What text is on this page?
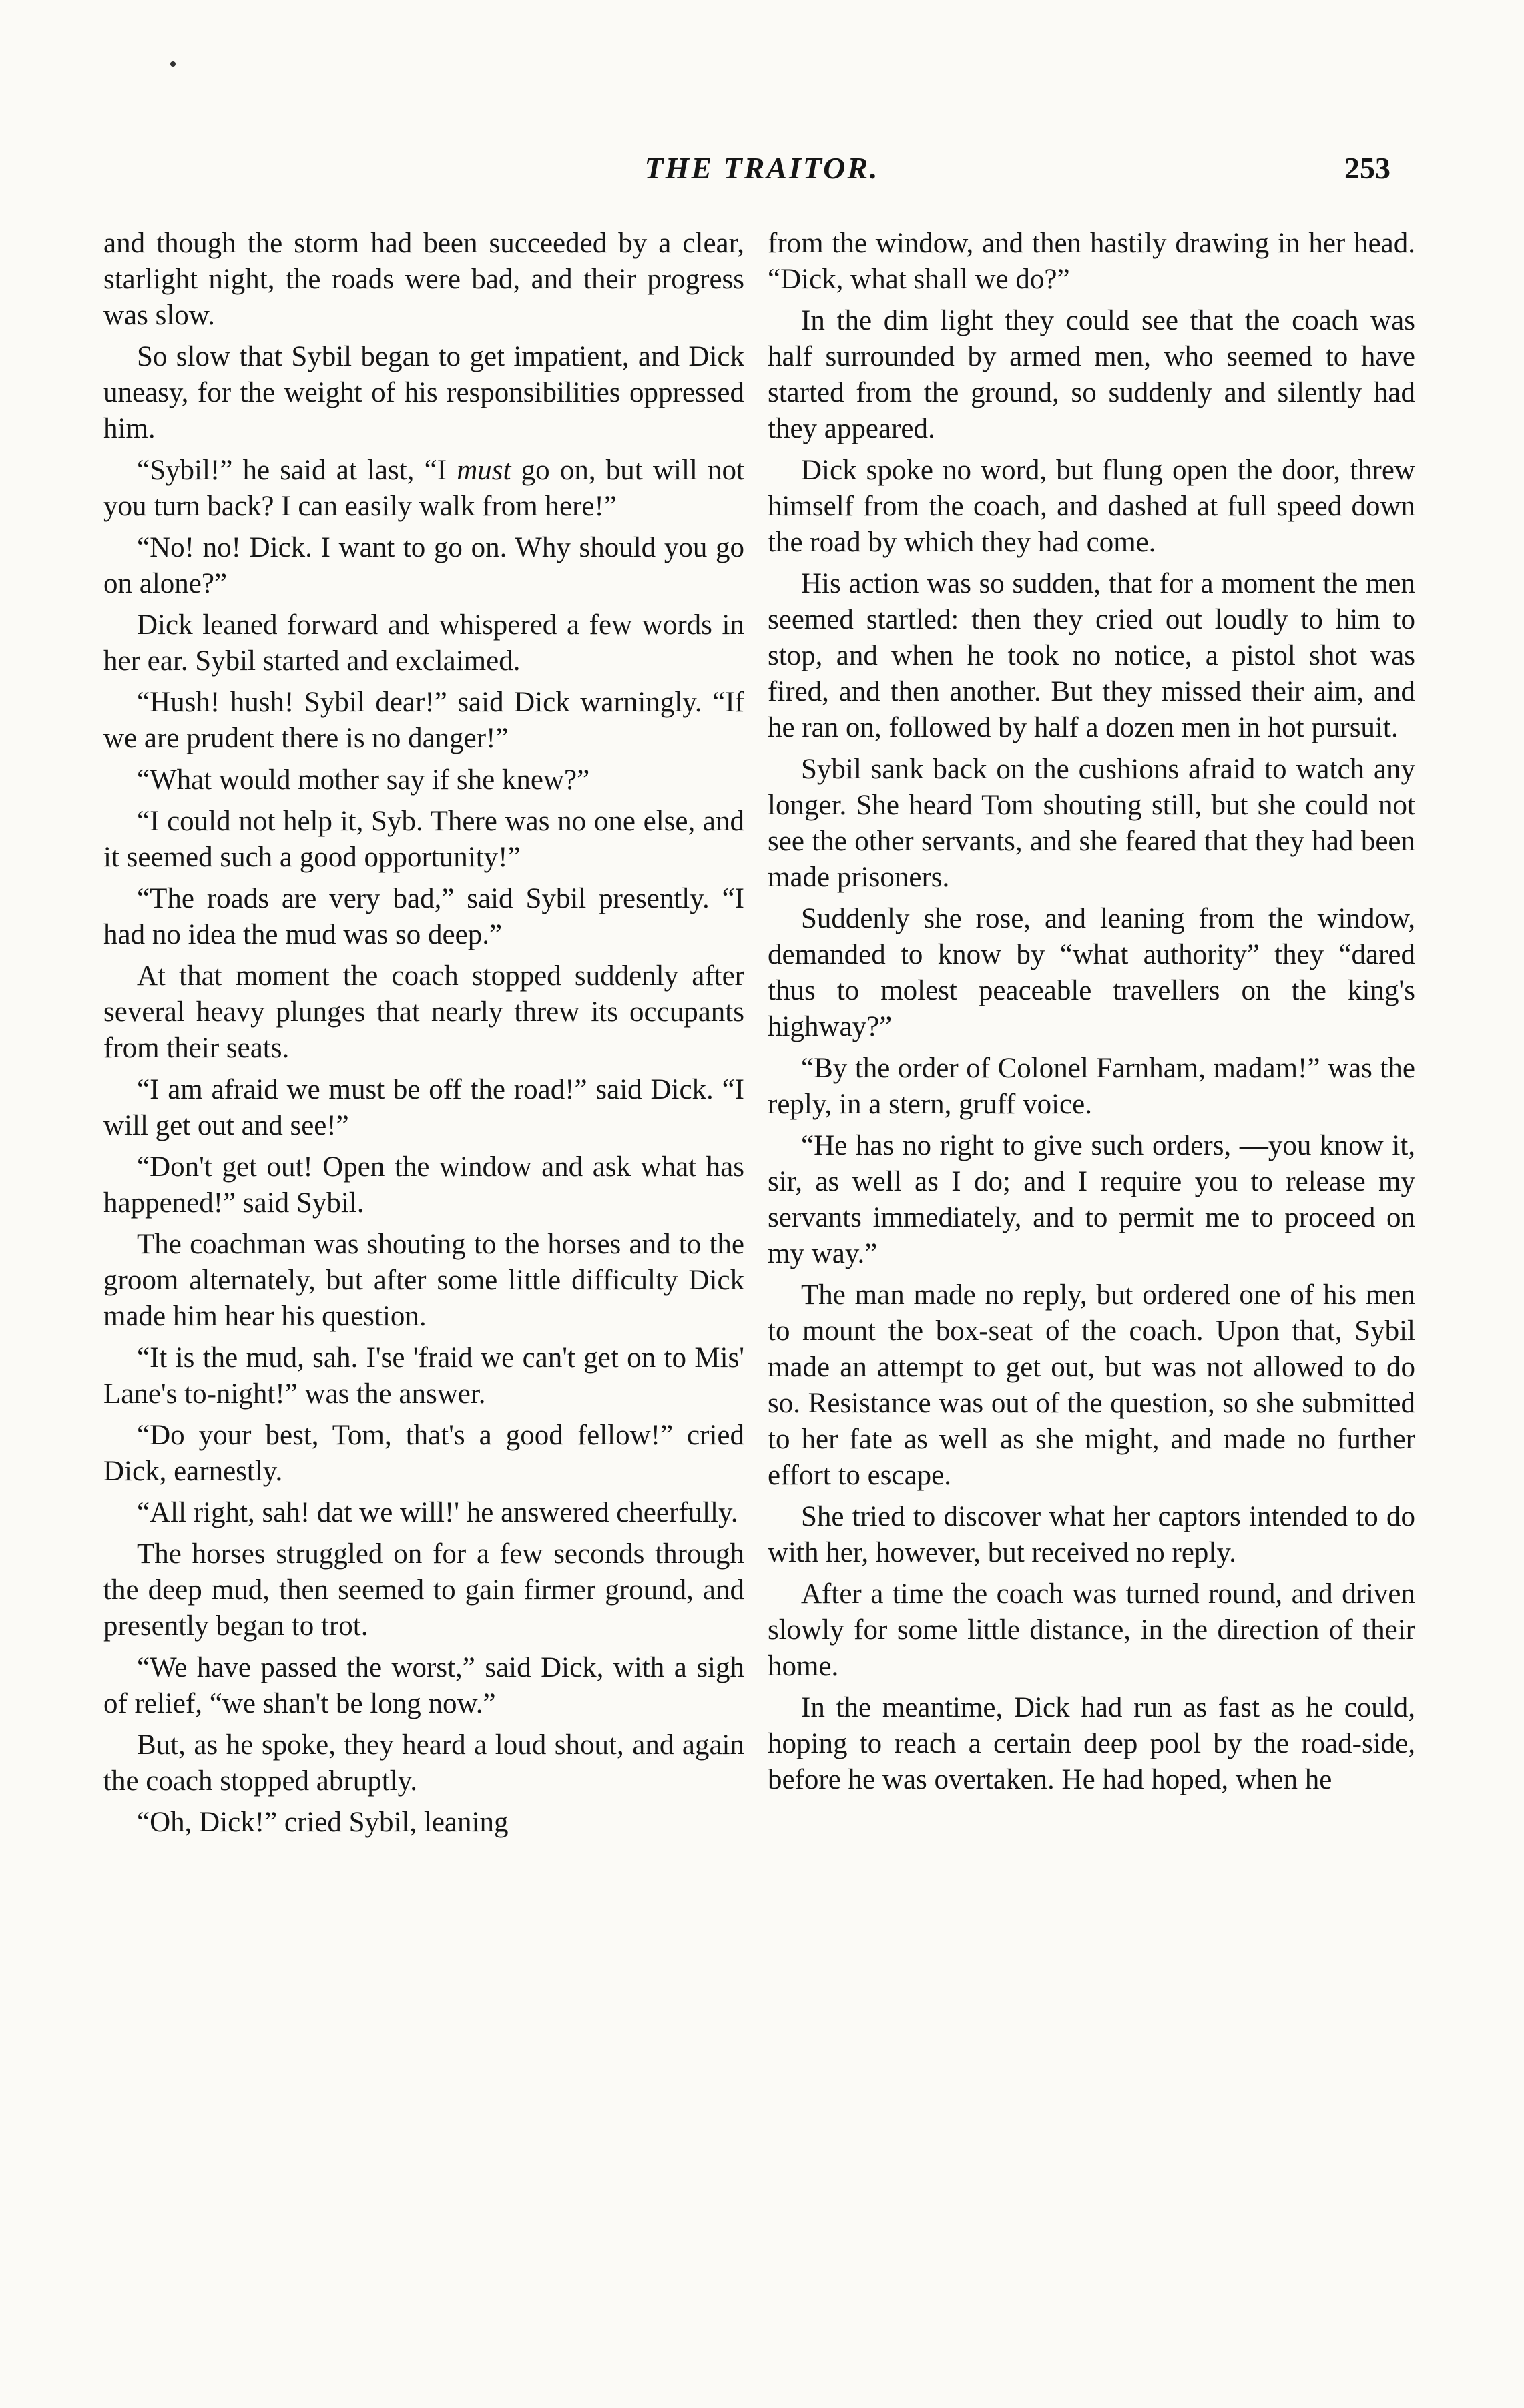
THE TRAITOR.	253

and though the storm had been succeeded by a clear, starlight night, the roads were bad, and their progress was slow.

So slow that Sybil began to get impatient, and Dick uneasy, for the weight of his responsibilities oppressed him.

“Sybil!” he said at last, “I must go on, but will not you turn back? I can easily walk from here!”

“No! no! Dick. I want to go on. Why should you go on alone?”

Dick leaned forward and whispered a few words in her ear. Sybil started and exclaimed.

“Hush! hush! Sybil dear!” said Dick warningly. “If we are prudent there is no danger!”

“What would mother say if she knew?”

“I could not help it, Syb. There was no one else, and it seemed such a good opportunity!”

“The roads are very bad,” said Sybil presently. “I had no idea the mud was so deep.”

At that moment the coach stopped suddenly after several heavy plunges that nearly threw its occupants from their seats.

“I am afraid we must be off the road!” said Dick. “I will get out and see!”

“Don't get out! Open the window and ask what has happened!” said Sybil.

The coachman was shouting to the horses and to the groom alternately, but after some little difficulty Dick made him hear his question.

“It is the mud, sah. I'se 'fraid we can't get on to Mis' Lane's to-night!” was the answer.

“Do your best, Tom, that's a good fellow!” cried Dick, earnestly.

“All right, sah! dat we will!' he answered cheerfully.

The horses struggled on for a few seconds through the deep mud, then seemed to gain firmer ground, and presently began to trot.

“We have passed the worst,” said Dick, with a sigh of relief, “we shan't be long now.”

But, as he spoke, they heard a loud shout, and again the coach stopped abruptly.

“Oh, Dick!” cried Sybil, leaning

from the window, and then hastily drawing in her head. “Dick, what shall we do?”

In the dim light they could see that the coach was half surrounded by armed men, who seemed to have started from the ground, so suddenly and silently had they appeared.

Dick spoke no word, but flung open the door, threw himself from the coach, and dashed at full speed down the road by which they had come.

His action was so sudden, that for a moment the men seemed startled: then they cried out loudly to him to stop, and when he took no notice, a pistol shot was fired, and then another. But they missed their aim, and he ran on, followed by half a dozen men in hot pursuit.

Sybil sank back on the cushions afraid to watch any longer. She heard Tom shouting still, but she could not see the other servants, and she feared that they had been made prisoners.

Suddenly she rose, and leaning from the window, demanded to know by “what authority” they “dared thus to molest peaceable travellers on the king's highway?”

“By the order of Colonel Farnham, madam!” was the reply, in a stern, gruff voice.

“He has no right to give such orders, —you know it, sir, as well as I do; and I require you to release my servants immediately, and to permit me to proceed on my way.”

The man made no reply, but ordered one of his men to mount the box-seat of the coach. Upon that, Sybil made an attempt to get out, but was not allowed to do so. Resistance was out of the question, so she submitted to her fate as well as she might, and made no further effort to escape.

She tried to discover what her captors intended to do with her, however, but received no reply.

After a time the coach was turned round, and driven slowly for some little distance, in the direction of their home.

In the meantime, Dick had run as fast as he could, hoping to reach a certain deep pool by the road-side, before he was overtaken. He had hoped, when he
